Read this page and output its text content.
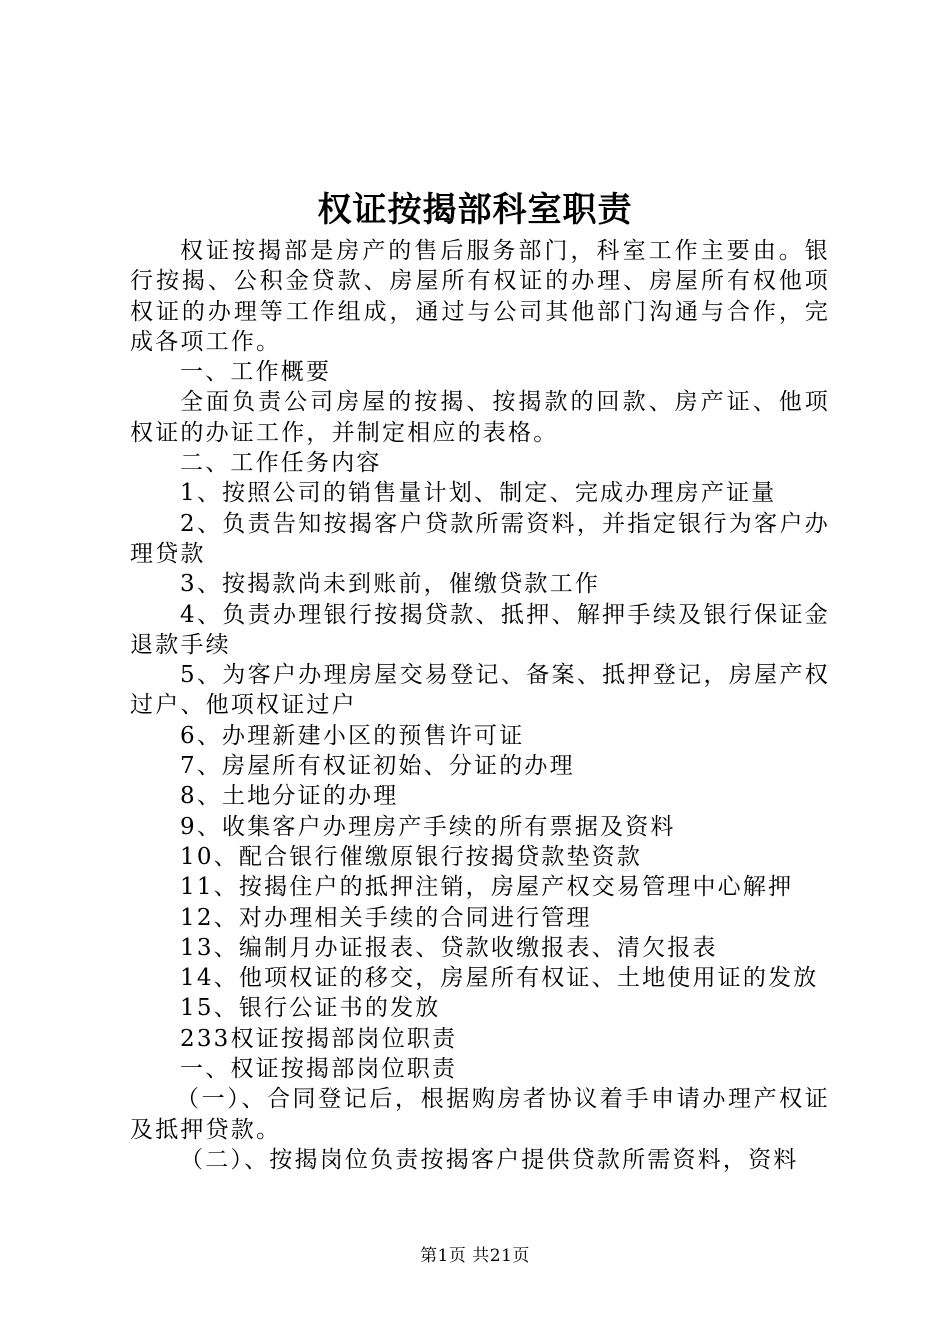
权证按揭部科室职责

权证按揭部是房产的售后服务部门，科室工作主要由。银行按揭、公积金贷款、房屋所有权证的办理、房屋所有权他项权证的办理等工作组成，通过与公司其他部门沟通与合作，完成各项工作。

一、工作概要

全面负责公司房屋的按揭、按揭款的回款、房产证、他项权证的办证工作，并制定相应的表格。

二、工作任务内容

1、按照公司的销售量计划、制定、完成办理房产证量

2、负责告知按揭客户贷款所需资料，并指定银行为客户办理贷款

3、按揭款尚未到账前，催缴贷款工作

4、负责办理银行按揭贷款、抵押、解押手续及银行保证金退款手续

5、为客户办理房屋交易登记、备案、抵押登记，房屋产权过户、他项权证过户

6、办理新建小区的预售许可证

7、房屋所有权证初始、分证的办理

8、土地分证的办理

9、收集客户办理房产手续的所有票据及资料

10、配合银行催缴原银行按揭贷款垫资款

11、按揭住户的抵押注销，房屋产权交易管理中心解押

12、对办理相关手续的合同进行管理

13、编制月办证报表、贷款收缴报表、清欠报表

14、他项权证的移交，房屋所有权证、土地使用证的发放

15、银行公证书的发放

233权证按揭部岗位职责

一、权证按揭部岗位职责

（一）、合同登记后，根据购房者协议着手申请办理产权证及抵押贷款。

（二）、按揭岗位负责按揭客户提供贷款所需资料，资料

第1页 共21页
